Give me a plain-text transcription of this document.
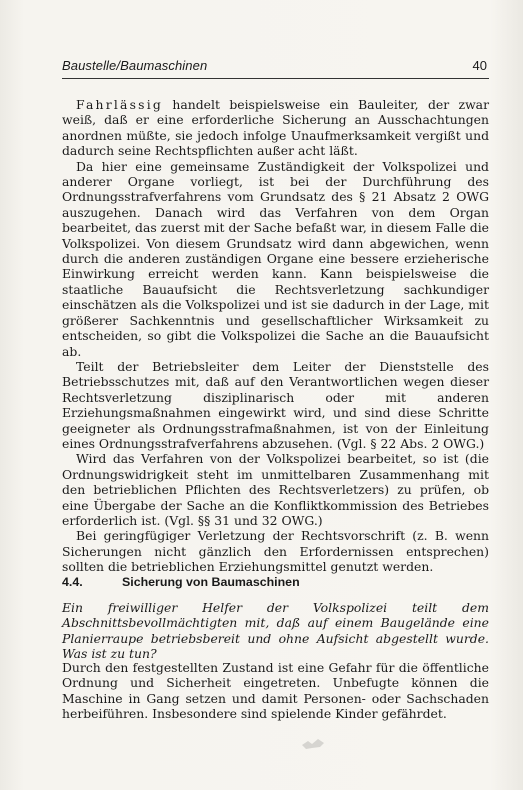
Baustelle/Baumaschinen	40

Fahrlässig handelt beispielsweise ein Bauleiter, der zwar weiß, daß er eine erforderliche Sicherung an Ausschachtungen anordnen müßte, sie jedoch infolge Unaufmerksamkeit vergißt und dadurch seine Rechtspflichten außer acht läßt.

Da hier eine gemeinsame Zuständigkeit der Volkspolizei und anderer Organe vorliegt, ist bei der Durchführung des Ordnungsstrafverfahrens vom Grundsatz des § 21 Absatz 2 OWG auszugehen. Danach wird das Verfahren von dem Organ bearbeitet, das zuerst mit der Sache befaßt war, in diesem Falle die Volkspolizei. Von diesem Grundsatz wird dann abgewichen, wenn durch die anderen zuständigen Organe eine bessere erzieherische Einwirkung erreicht werden kann. Kann beispielsweise die staatliche Bauaufsicht die Rechtsverletzung sachkundiger einschätzen als die Volkspolizei und ist sie dadurch in der Lage, mit größerer Sachkenntnis und gesellschaftlicher Wirksamkeit zu entscheiden, so gibt die Volkspolizei die Sache an die Bauaufsicht ab.

Teilt der Betriebsleiter dem Leiter der Dienststelle des Betriebsschutzes mit, daß auf den Verantwortlichen wegen dieser Rechtsverletzung disziplinarisch oder mit anderen Erziehungsmaßnahmen eingewirkt wird, und sind diese Schritte geeigneter als Ordnungsstrafmaßnahmen, ist von der Einleitung eines Ordnungsstrafverfahrens abzusehen. (Vgl. § 22 Abs. 2 OWG.)

Wird das Verfahren von der Volkspolizei bearbeitet, so ist (die Ordnungswidrigkeit steht im unmittelbaren Zusammenhang mit den betrieblichen Pflichten des Rechtsverletzers) zu prüfen, ob eine Übergabe der Sache an die Konfliktkommission des Betriebes erforderlich ist. (Vgl. §§ 31 und 32 OWG.)

Bei geringfügiger Verletzung der Rechtsvorschrift (z. B. wenn Sicherungen nicht gänzlich den Erfordernissen entsprechen) sollten die betrieblichen Erziehungsmittel genutzt werden.

4.4.	Sicherung von Baumaschinen

Ein freiwilliger Helfer der Volkspolizei teilt dem Abschnittsbevollmächtigten mit, daß auf einem Baugelände eine Planierraupe betriebsbereit und ohne Aufsicht abgestellt wurde. Was ist zu tun?

Durch den festgestellten Zustand ist eine Gefahr für die öffentliche Ordnung und Sicherheit eingetreten. Unbefugte können die Maschine in Gang setzen und damit Personen- oder Sachschaden herbeiführen. Insbesondere sind spielende Kinder gefährdet.
